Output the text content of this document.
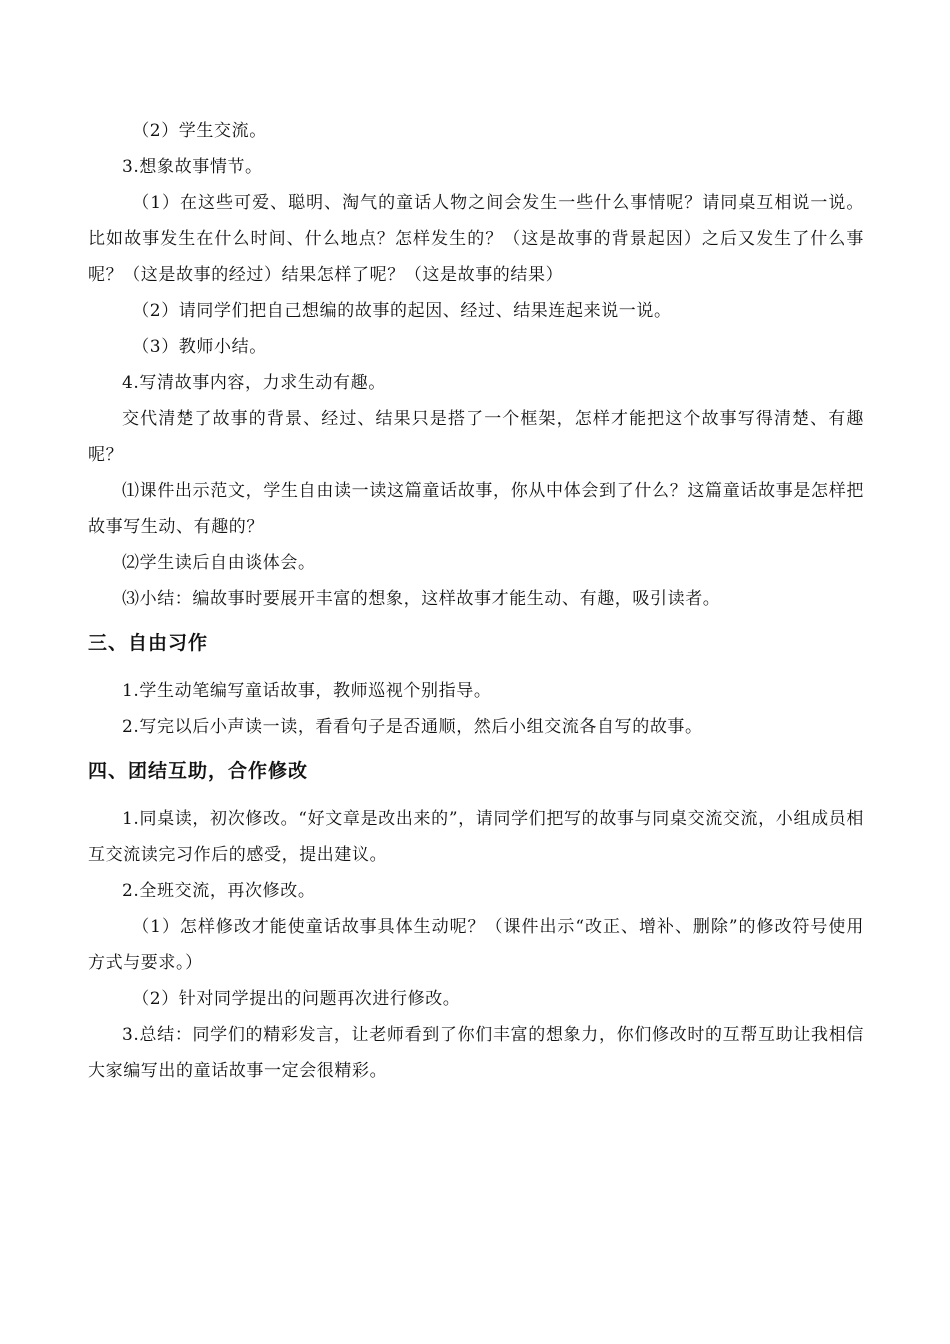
（2）学生交流。

3.想象故事情节。

（1）在这些可爱、聪明、淘气的童话人物之间会发生一些什么事情呢？请同桌互相说一说。比如故事发生在什么时间、什么地点？怎样发生的？（这是故事的背景起因）之后又发生了什么事呢？（这是故事的经过）结果怎样了呢？（这是故事的结果）

（2）请同学们把自己想编的故事的起因、经过、结果连起来说一说。

（3）教师小结。

4.写清故事内容，力求生动有趣。

交代清楚了故事的背景、经过、结果只是搭了一个框架，怎样才能把这个故事写得清楚、有趣呢？

⑴课件出示范文，学生自由读一读这篇童话故事，你从中体会到了什么？这篇童话故事是怎样把故事写生动、有趣的？

⑵学生读后自由谈体会。

⑶小结：编故事时要展开丰富的想象，这样故事才能生动、有趣，吸引读者。

三、自由习作

1.学生动笔编写童话故事，教师巡视个别指导。

2.写完以后小声读一读，看看句子是否通顺，然后小组交流各自写的故事。

四、团结互助，合作修改

1.同桌读，初次修改。“好文章是改出来的”，请同学们把写的故事与同桌交流交流，小组成员相互交流读完习作后的感受，提出建议。

2.全班交流，再次修改。

（1）怎样修改才能使童话故事具体生动呢？（课件出示“改正、增补、删除”的修改符号使用方式与要求。）

（2）针对同学提出的问题再次进行修改。

3.总结：同学们的精彩发言，让老师看到了你们丰富的想象力，你们修改时的互帮互助让我相信大家编写出的童话故事一定会很精彩。
